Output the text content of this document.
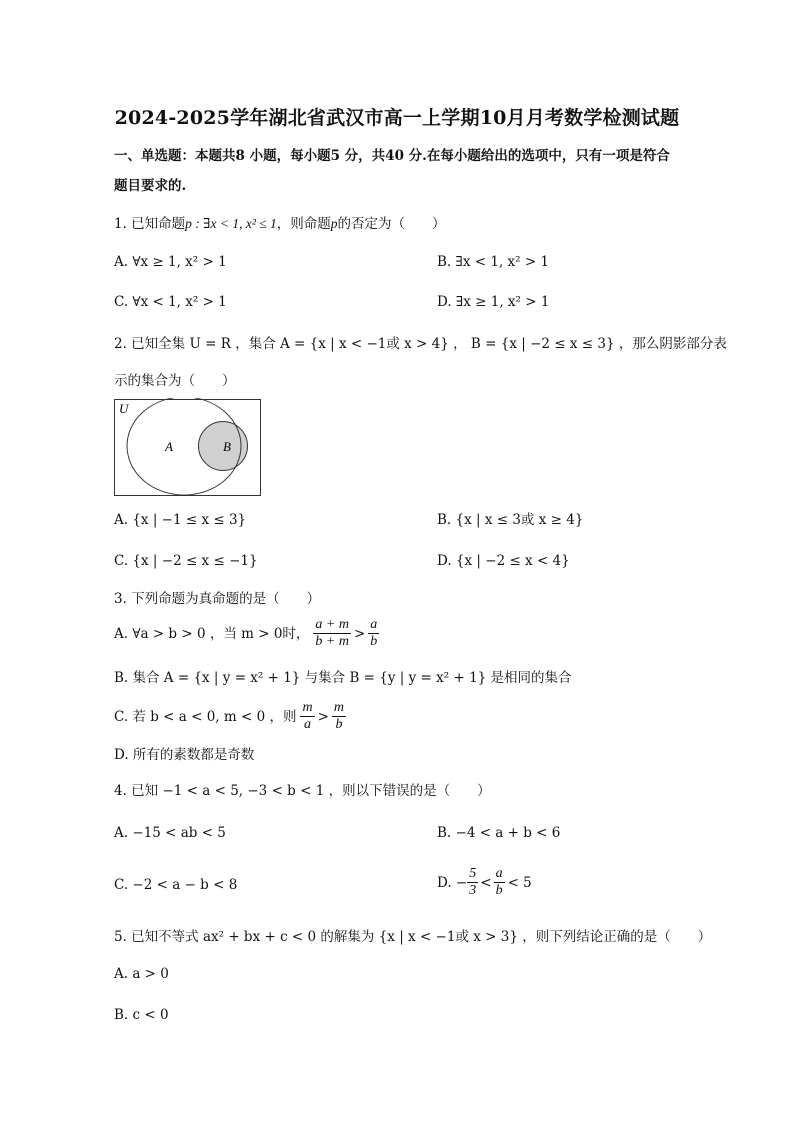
2024-2025学年湖北省武汉市高一上学期10月月考数学检测试题
一、单选题：本题共8 小题，每小题5 分，共40 分.在每小题给出的选项中，只有一项是符合
题目要求的.
1. 已知命题p : ∃x < 1, x² ≤ 1，则命题p的否定为（　　）
A. ∀x ≥ 1, x² > 1	B. ∃x < 1, x² > 1
C. ∀x < 1, x² > 1	D. ∃x ≥ 1, x² > 1
2. 已知全集 U = R ，集合 A = {x | x < −1或 x > 4} ， B = {x | −2 ≤ x ≤ 3} ，那么阴影部分表
示的集合为（　　）
U
A	B
A. {x | −1 ≤ x ≤ 3}	B. {x | x ≤ 3或 x ≥ 4}
C. {x | −2 ≤ x ≤ −1}	D. {x | −2 ≤ x < 4}
3. 下列命题为真命题的是（　　）
A. ∀a > b > 0 ，当 m > 0时， $\frac{a + m}{b + m} > \frac{a}{b}$
B. 集合 A = {x | y = x² + 1} 与集合 B = {y | y = x² + 1} 是相同的集合
C. 若 b < a < 0, m < 0 ，则 $\frac{m}{a} > \frac{m}{b}$
D. 所有的素数都是奇数
4. 已知 −1 < a < 5, −3 < b < 1 ，则以下错误的是（　　）
A. −15 < ab < 5	B. −4 < a + b < 6
C. −2 < a − b < 8	D. − $\frac{5}{3} < \frac{a}{b} < 5$
5. 已知不等式 ax² + bx + c < 0 的解集为 {x | x < −1或 x > 3} ，则下列结论正确的是（　　）
A. a > 0
B. c < 0
